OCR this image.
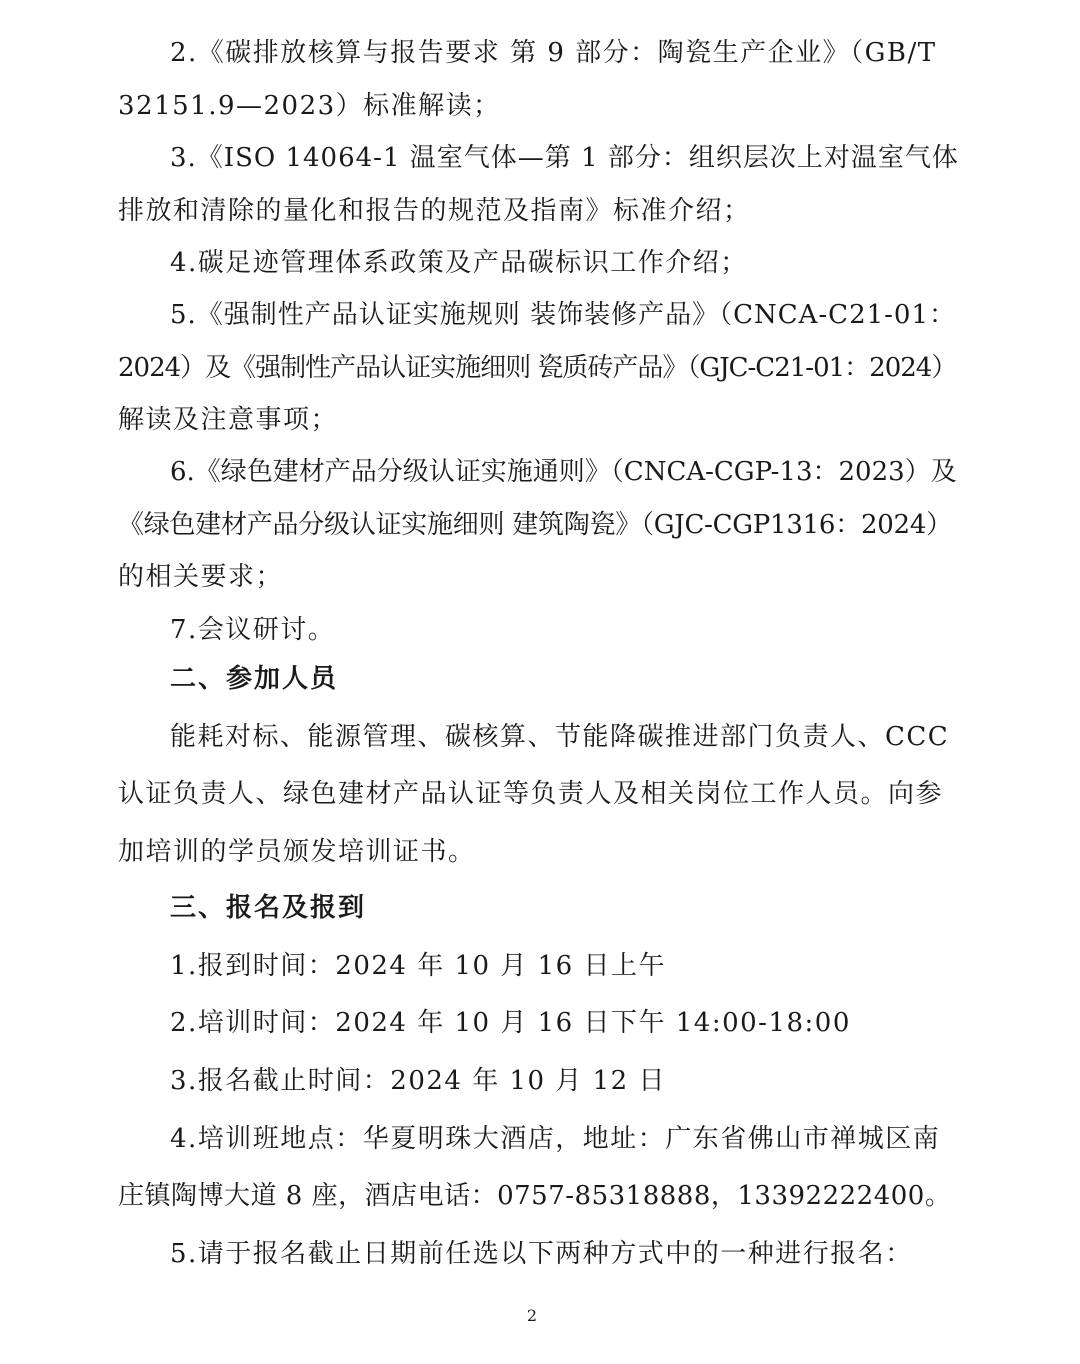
2.《碳排放核算与报告要求 第 9 部分：陶瓷生产企业》（GB/T
32151.9—2023）标准解读；
3.《ISO 14064-1 温室气体—第 1 部分：组织层次上对温室气体
排放和清除的量化和报告的规范及指南》标准介绍；
4.碳足迹管理体系政策及产品碳标识工作介绍；
5.《强制性产品认证实施规则 装饰装修产品》（CNCA-C21-01：
2024）及《强制性产品认证实施细则 瓷质砖产品》（GJC-C21-01：2024）
解读及注意事项；
6.《绿色建材产品分级认证实施通则》（CNCA-CGP-13：2023）及
《绿色建材产品分级认证实施细则 建筑陶瓷》（GJC-CGP1316：2024）
的相关要求；
7.会议研讨。
二、参加人员
能耗对标、能源管理、碳核算、节能降碳推进部门负责人、CCC
认证负责人、绿色建材产品认证等负责人及相关岗位工作人员。向参
加培训的学员颁发培训证书。
三、报名及报到
1.报到时间：2024 年 10 月 16 日上午
2.培训时间：2024 年 10 月 16 日下午 14:00-18:00
3.报名截止时间：2024 年 10 月 12 日
4.培训班地点：华夏明珠大酒店，地址：广东省佛山市禅城区南
庄镇陶博大道 8 座，酒店电话：0757-85318888，13392222400。
5.请于报名截止日期前任选以下两种方式中的一种进行报名：
2
